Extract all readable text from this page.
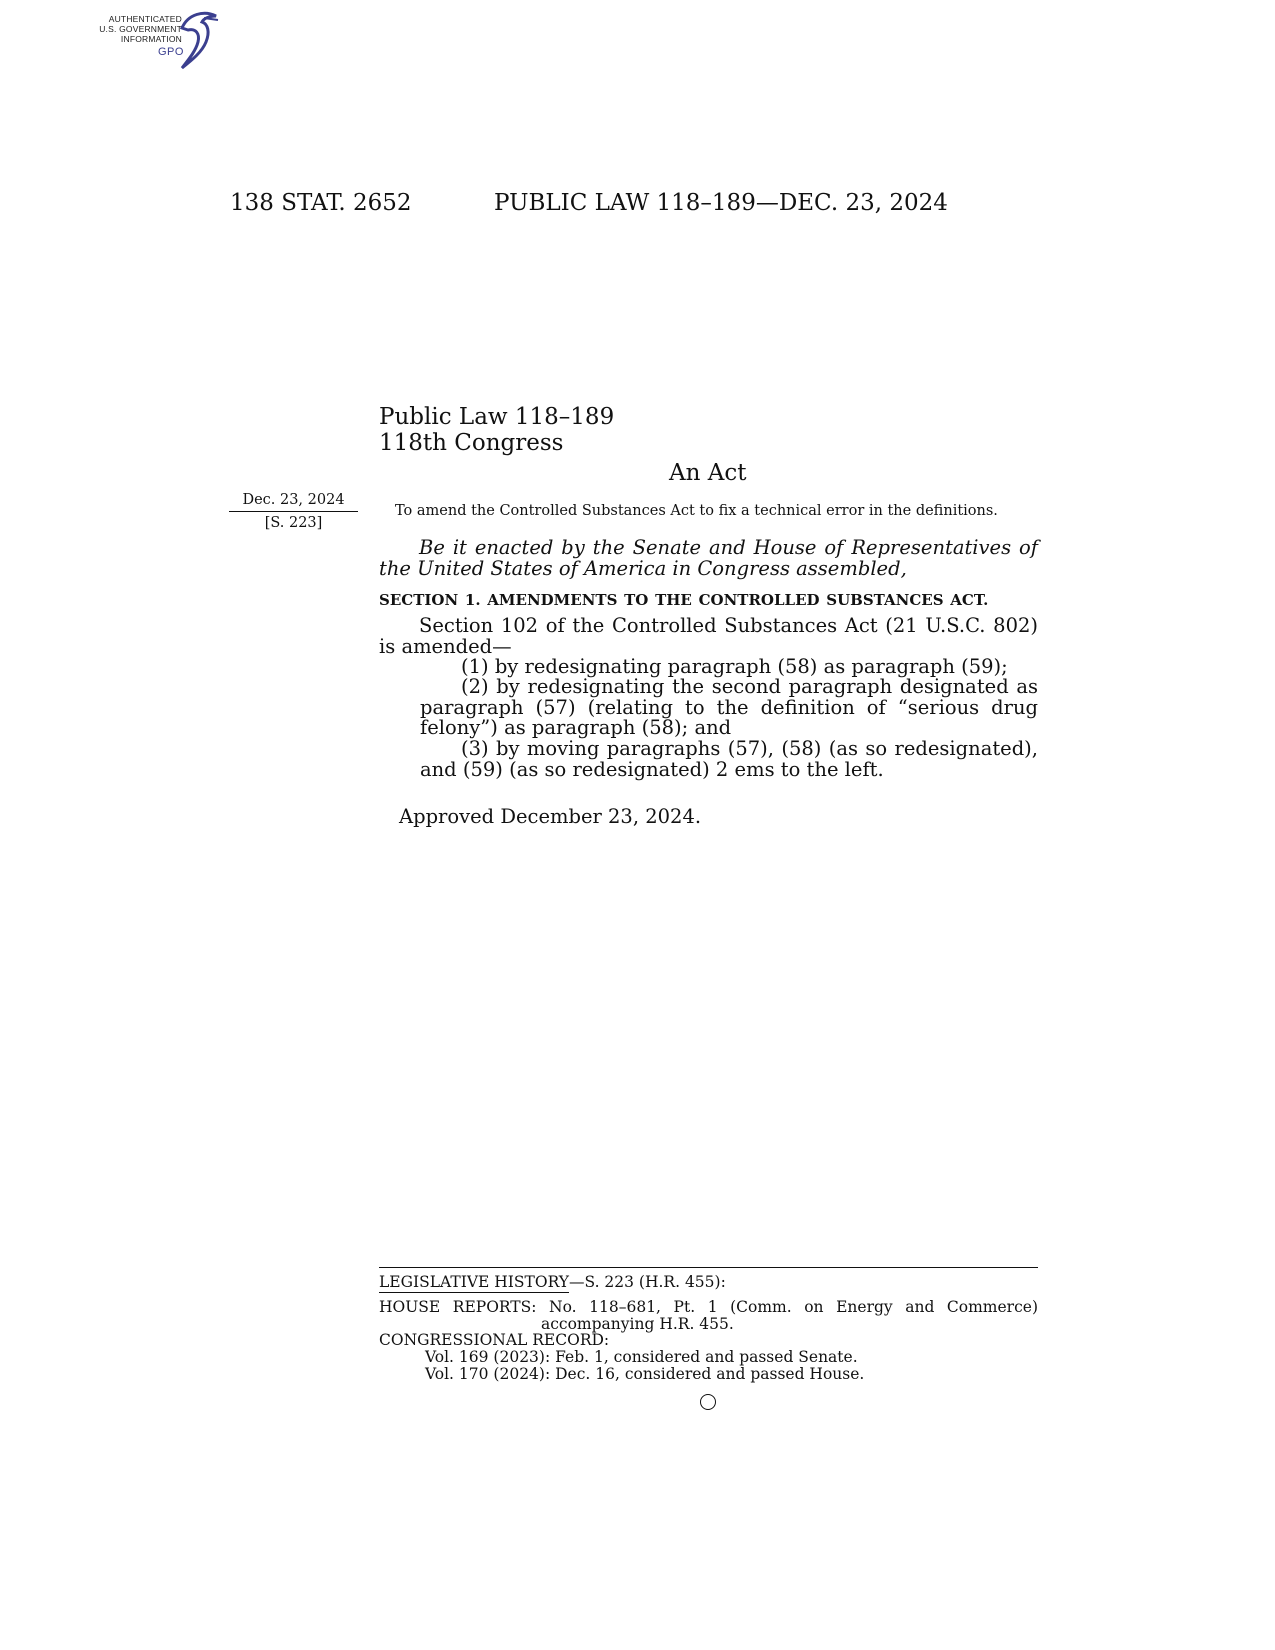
AUTHENTICATED
U.S. GOVERNMENT
INFORMATION
GPO
138 STAT. 2652	PUBLIC LAW 118–189—DEC. 23, 2024
Public Law 118–189
118th Congress
An Act
Dec. 23, 2024
[S. 223]
To amend the Controlled Substances Act to fix a technical error in the definitions.
Be it enacted by the Senate and House of Representatives of the United States of America in Congress assembled,
SECTION 1. AMENDMENTS TO THE CONTROLLED SUBSTANCES ACT.
Section 102 of the Controlled Substances Act (21 U.S.C. 802) is amended—
(1) by redesignating paragraph (58) as paragraph (59);
(2) by redesignating the second paragraph designated as paragraph (57) (relating to the definition of “serious drug felony”) as paragraph (58); and
(3) by moving paragraphs (57), (58) (as so redesignated), and (59) (as so redesignated) 2 ems to the left.
Approved December 23, 2024.
LEGISLATIVE HISTORY—S. 223 (H.R. 455):
HOUSE REPORTS: No. 118–681, Pt. 1 (Comm. on Energy and Commerce) accompanying H.R. 455.
CONGRESSIONAL RECORD:
Vol. 169 (2023): Feb. 1, considered and passed Senate.
Vol. 170 (2024): Dec. 16, considered and passed House.
